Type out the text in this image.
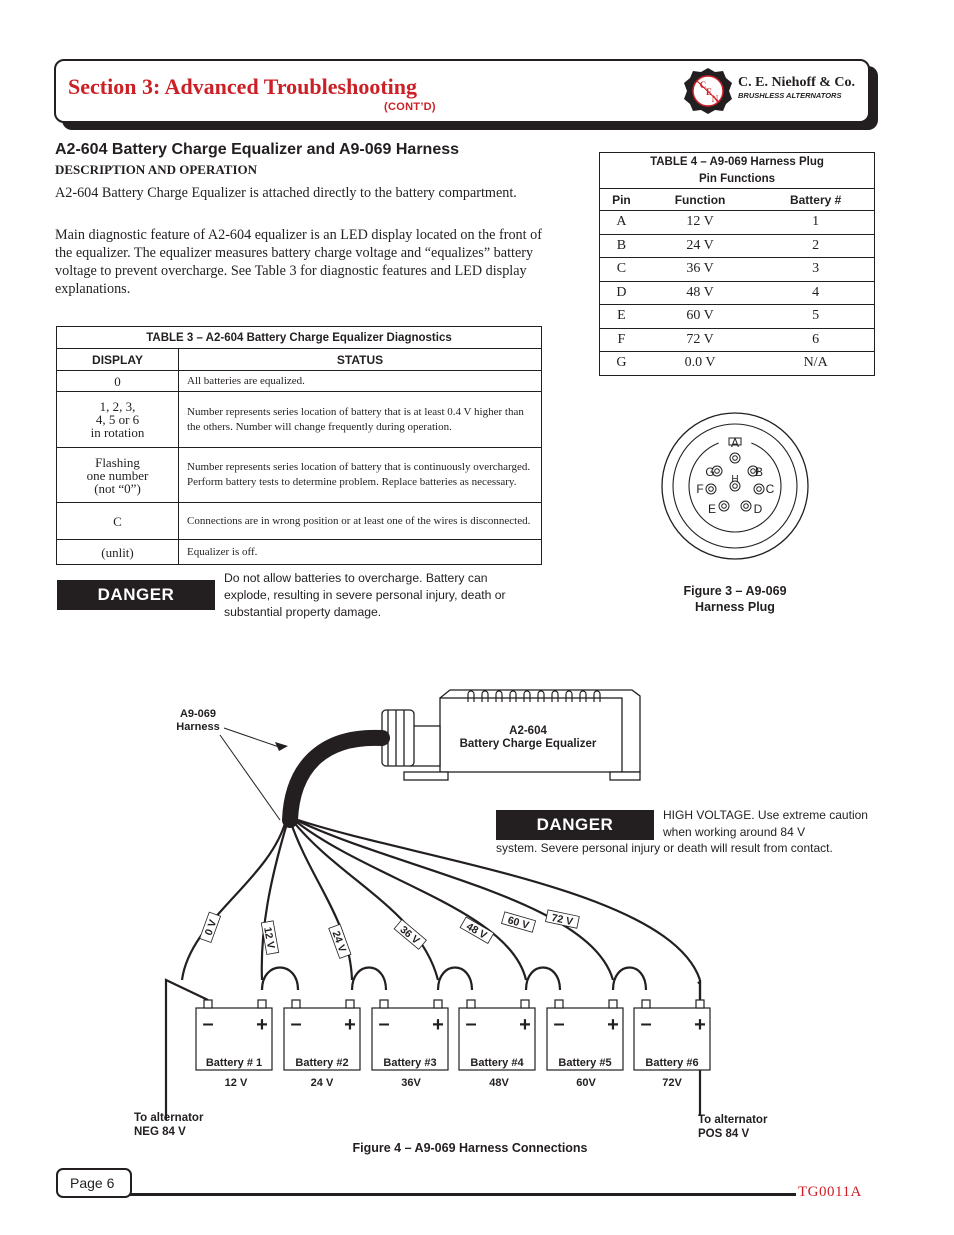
Section 3: Advanced Troubleshooting
(CONT’D)
C
E
N
C. E. Niehoff & Co.
BRUSHLESS ALTERNATORS
A2-604 Battery Charge Equalizer and A9-069 Harness
DESCRIPTION AND OPERATION
A2-604 Battery Charge Equalizer is attached directly to the battery compartment.
Main diagnostic feature of A2-604 equalizer is an LED display located on the front of the equalizer. The equalizer measures battery charge voltage and “equalizes” battery voltage to prevent overcharge. See Table 3 for diagnostic features and LED display explanations.
TABLE 3 – A2-604 Battery Charge Equalizer Diagnostics	
DISPLAY	STATUS
0	All batteries are equalized.

1, 2, 3,
4, 5 or 6
in rotation	Number represents series location of battery that is at least 0.4 V higher than the others. Number will change frequently during operation.

Flashing
one number
(not “0”)	Number represents series location of battery that is continuously overcharged. Perform battery tests to determine problem. Replace batteries as necessary.
C	Connections are in wrong position or at least one of the wires is disconnected.
(unlit)	Equalizer is off.
TABLE 4 – A9-069 Harness Plug
Pin Functions		

Pin	Function	Battery #
A	12 V	1
B	24 V	2
C	36 V	3
D	48 V	4
E	60 V	5
F	72 V	6
G	0.0 V	N/A
A
B
C
D
E
F
G
H
Figure 3 – A9-069
Harness Plug
DANGER
Do not allow batteries to overcharge. Battery can explode, resulting in severe personal injury, death or substantial property damage.
A2-604
Battery Charge Equalizer
A9-069
Harness
0 V	12 V	24 V	36 V	48 V 60 V 72 V
– + – + – + – + – + – +
Battery # 1	Battery #2	Battery #3	Battery #4	Battery #5	Battery #6
12 V	24 V	36V	48V	60V	72V
To alternator
NEG 84 V
To alternator
POS 84 V
Figure 4 – A9-069 Harness Connections
DANGER	HIGH VOLTAGE. Use extreme caution when working around 84 V
system. Severe personal injury or death will result from contact.
Page 6
TG0011A
